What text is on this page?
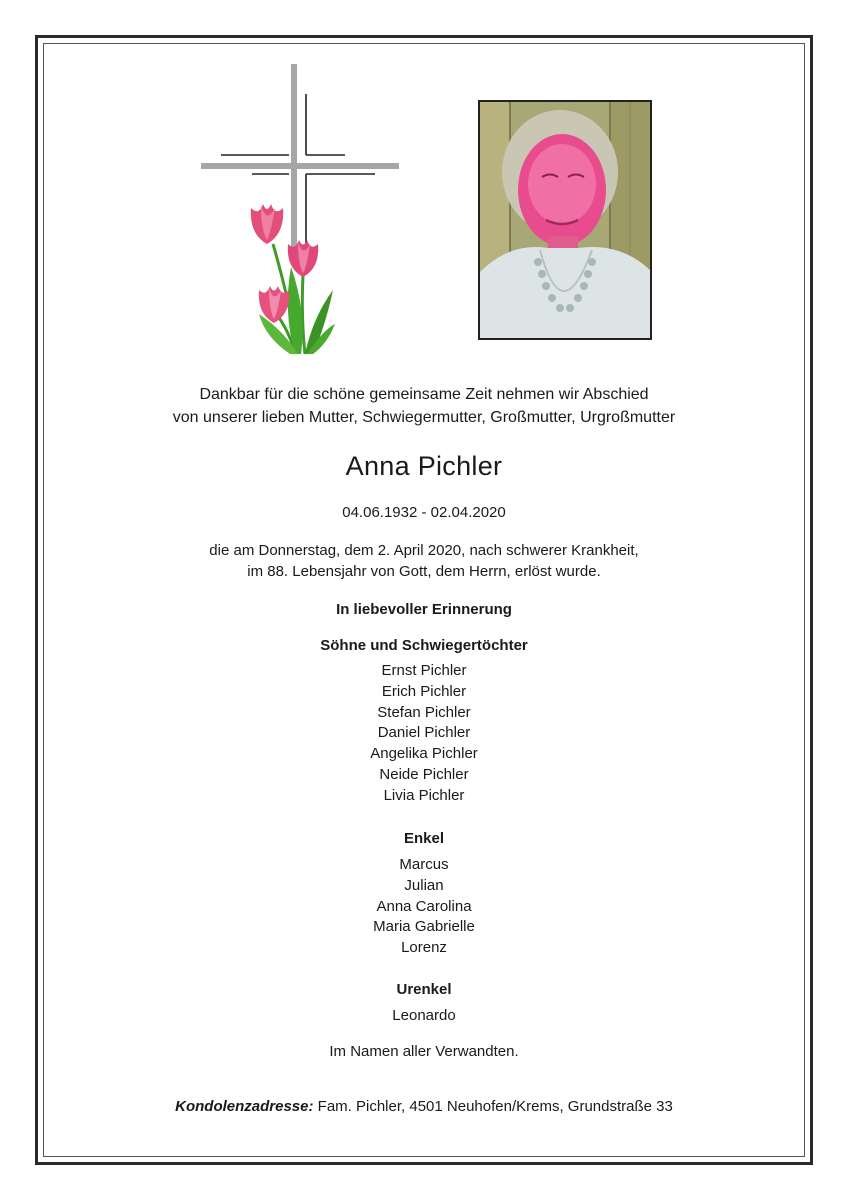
Dankbar für die schöne gemeinsame Zeit nehmen wir Abschied
von unserer lieben Mutter, Schwiegermutter, Großmutter, Urgroßmutter
Anna Pichler
04.06.1932 - 02.04.2020
die am Donnerstag, dem 2. April 2020, nach schwerer Krankheit,
im 88. Lebensjahr von Gott, dem Herrn, erlöst wurde.
In liebevoller Erinnerung
Söhne und Schwiegertöchter
Ernst Pichler
Erich Pichler
Stefan Pichler
Daniel Pichler
Angelika Pichler
Neide Pichler
Livia Pichler
Enkel
Marcus
Julian
Anna Carolina
Maria Gabrielle
Lorenz
Urenkel
Leonardo
Im Namen aller Verwandten.
Kondolenzadresse: Fam. Pichler, 4501 Neuhofen/Krems, Grundstraße 33
